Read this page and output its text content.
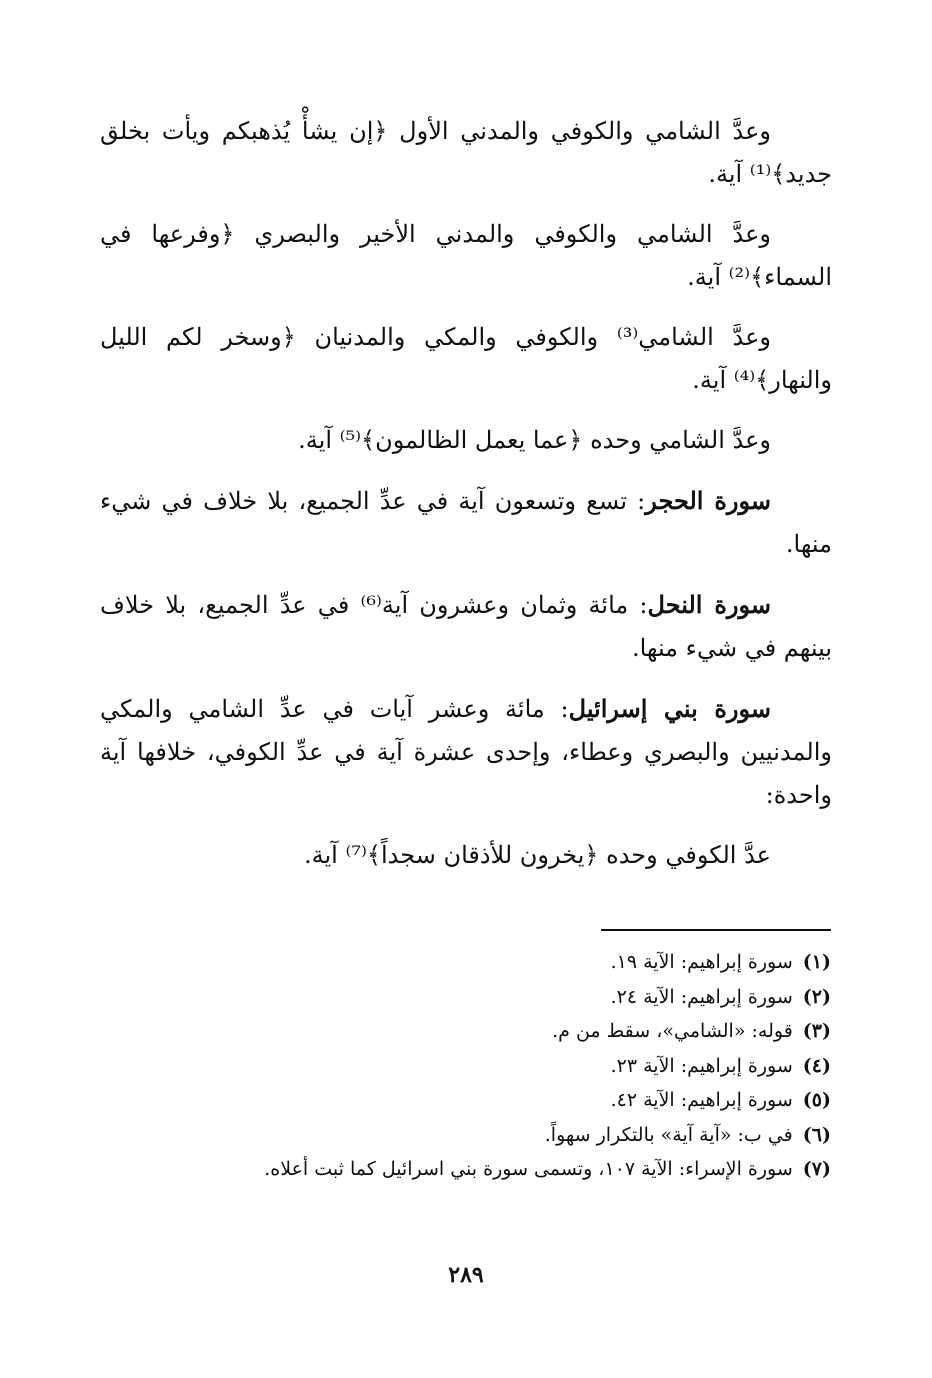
وعدَّ الشامي والكوفي والمدني الأول ﴿إن يشأْ يُذهبكم ويأت بخلق جديد﴾⁽¹⁾ آية.

وعدَّ الشامي والكوفي والمدني الأخير والبصري ﴿وفرعها في السماء﴾⁽²⁾ آية.

وعدَّ الشامي⁽³⁾ والكوفي والمكي والمدنيان ﴿وسخر لكم الليل والنهار﴾⁽⁴⁾ آية.

وعدَّ الشامي وحده ﴿عما يعمل الظالمون﴾⁽⁵⁾ آية.

سورة الحجر: تسع وتسعون آية في عدِّ الجميع، بلا خلاف في شيء منها.

سورة النحل: مائة وثمان وعشرون آية⁽⁶⁾ في عدِّ الجميع، بلا خلاف بينهم في شيء منها.

سورة بني إسرائيل: مائة وعشر آيات في عدِّ الشامي والمكي والمدنيين والبصري وعطاء، وإحدى عشرة آية في عدِّ الكوفي، خلافها آية واحدة:

عدَّ الكوفي وحده ﴿يخرون للأذقان سجداً﴾⁽⁷⁾ آية.

(١)سورة إبراهيم: الآية ١٩.

(٢)سورة إبراهيم: الآية ٢٤.

(٣)قوله: «الشامي»، سقط من م.

(٤)سورة إبراهيم: الآية ٢٣.

(٥)سورة إبراهيم: الآية ٤٢.

(٦)في ب: «آية آية» بالتكرار سهواً.

(٧)سورة الإسراء: الآية ١٠٧، وتسمى سورة بني اسرائيل كما ثبت أعلاه.

٢٨٩
